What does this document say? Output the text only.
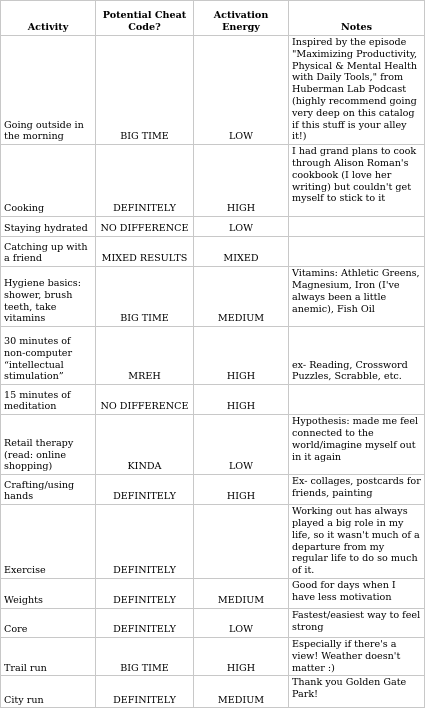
Activity	Potential Cheat Code?	Activation Energy	Notes
Going outside in the morning	BIG TIME	LOW	Inspired by the episode "Maximizing Productivity, Physical & Mental Health with Daily Tools," from Huberman Lab Podcast (highly recommend going very deep on this catalog if this stuff is your alley it!)
Cooking	DEFINITELY	HIGH	I had grand plans to cook through Alison Roman's cookbook (I love her writing) but couldn't get myself to stick to it
Staying hydrated	NO DIFFERENCE	LOW	
Catching up with a friend	MIXED RESULTS	MIXED	
Hygiene basics: shower, brush teeth, take vitamins	BIG TIME	MEDIUM	Vitamins: Athletic Greens, Magnesium, Iron (I've always been a little anemic), Fish Oil
30 minutes of non-computer “intellectual stimulation”	MREH	HIGH	ex- Reading, Crossword Puzzles, Scrabble, etc.

15 minutes of meditation	NO DIFFERENCE	HIGH	
Retail therapy (read: online shopping)	KINDA	LOW	Hypothesis: made me feel connected to the world/imagine myself out in it again
Crafting/using hands	DEFINITELY	HIGH	Ex- collages, postcards for friends, painting
Exercise	DEFINITELY		Working out has always played a big role in my life, so it wasn't much of a departure from my regular life to do so much of it.
Weights	DEFINITELY	MEDIUM	Good for days when I have less motivation
Core	DEFINITELY	LOW	Fastest/easiest way to feel strong
Trail run	BIG TIME	HIGH	Especially if there's a view! Weather doesn't matter :)
City run	DEFINITELY	MEDIUM	Thank you Golden Gate Park!
